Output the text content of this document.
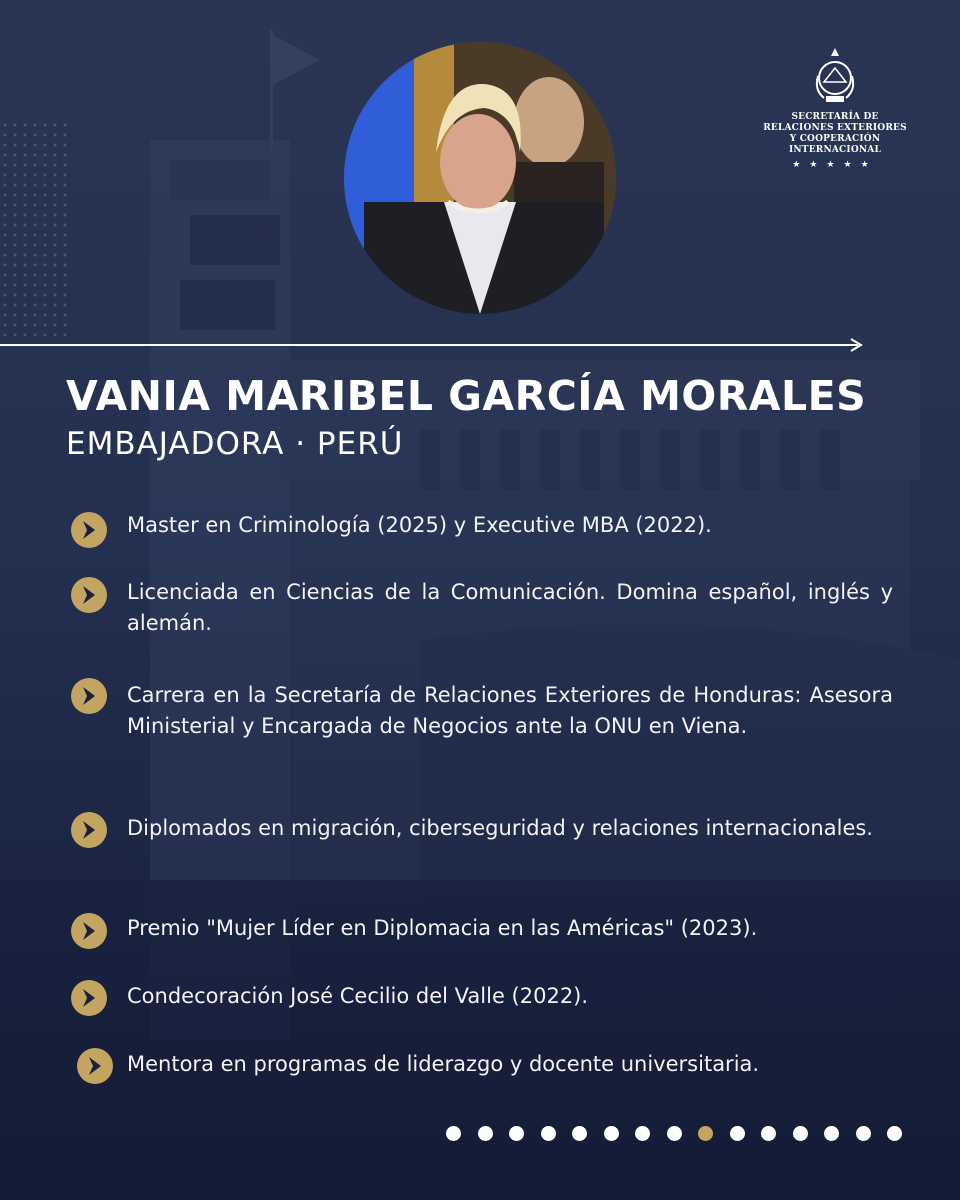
SECRETARÍA DE
RELACIONES EXTERIORES
Y COOPERACIÓN INTERNACIONAL
★★★★★
VANIA MARIBEL GARCÍA MORALES
EMBAJADORA · PERÚ
Master en Criminología (2025) y Executive MBA (2022).
Licenciada en Ciencias de la Comunicación. Domina español, inglés y alemán.
Carrera en la Secretaría de Relaciones Exteriores de Honduras: Asesora Ministerial y Encargada de Negocios ante la ONU en Viena.
Diplomados en migración, ciberseguridad y relaciones internacionales.
Premio "Mujer Líder en Diplomacia en las Américas" (2023).
Condecoración José Cecilio del Valle (2022).
Mentora en programas de liderazgo y docente universitaria.
